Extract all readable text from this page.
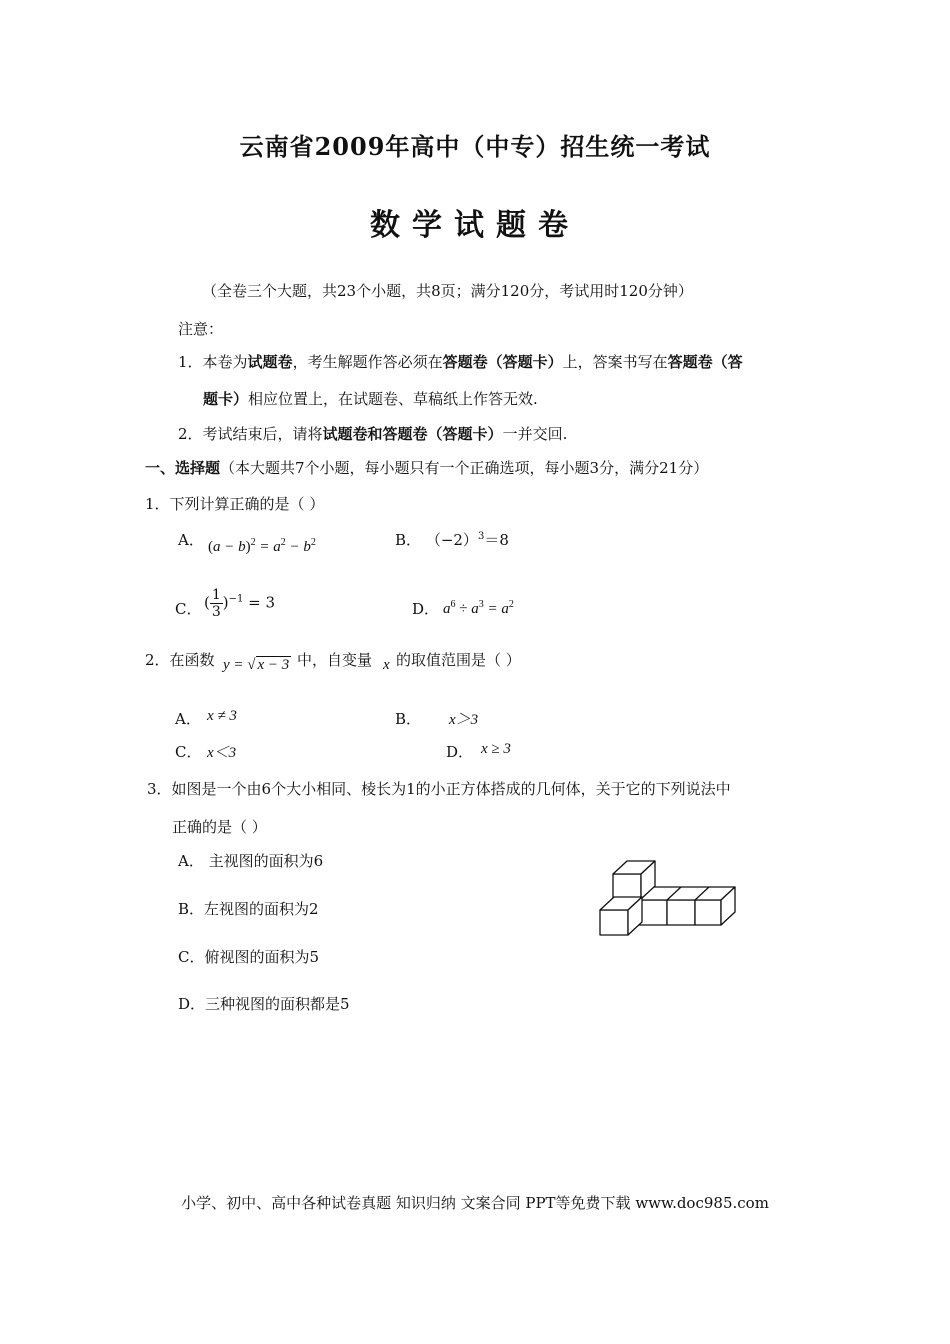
云南省2009年高中（中专）招生统一考试
数学试题卷
（全卷三个大题，共23个小题，共8页；满分120分，考试用时120分钟）
注意：
1．本卷为试题卷，考生解题作答必须在答题卷（答题卡）上，答案书写在答题卷（答
题卡）相应位置上，在试题卷、草稿纸上作答无效.
2．考试结束后，请将试题卷和答题卷（答题卡）一并交回.
一、选择题（本大题共7个小题，每小题只有一个正确选项，每小题3分，满分21分）
1．下列计算正确的是（ ）
A． $(a - b)^2 = a^2 - b^2$	B． $(-2)^3=8$
C． ( $\frac{1}{3} )^{-1} = 3$	D． $a^6 \div a^3 = a^2$
2．在函数 y = √ x − 3 中，自变量 x 的取值范围是（ ）
A． x ≠ 3	B． x＞3
C． x＜3	D． x ≥ 3
3．如图是一个由6个大小相同、棱长为1的小正方体搭成的几何体，关于它的下列说法中
正确的是（ ）
A． 主视图的面积为6
B．左视图的面积为2
C．俯视图的面积为5
D．三种视图的面积都是5
小学、初中、高中各种试卷真题 知识归纳 文案合同 PPT等免费下载 www.doc985.com
